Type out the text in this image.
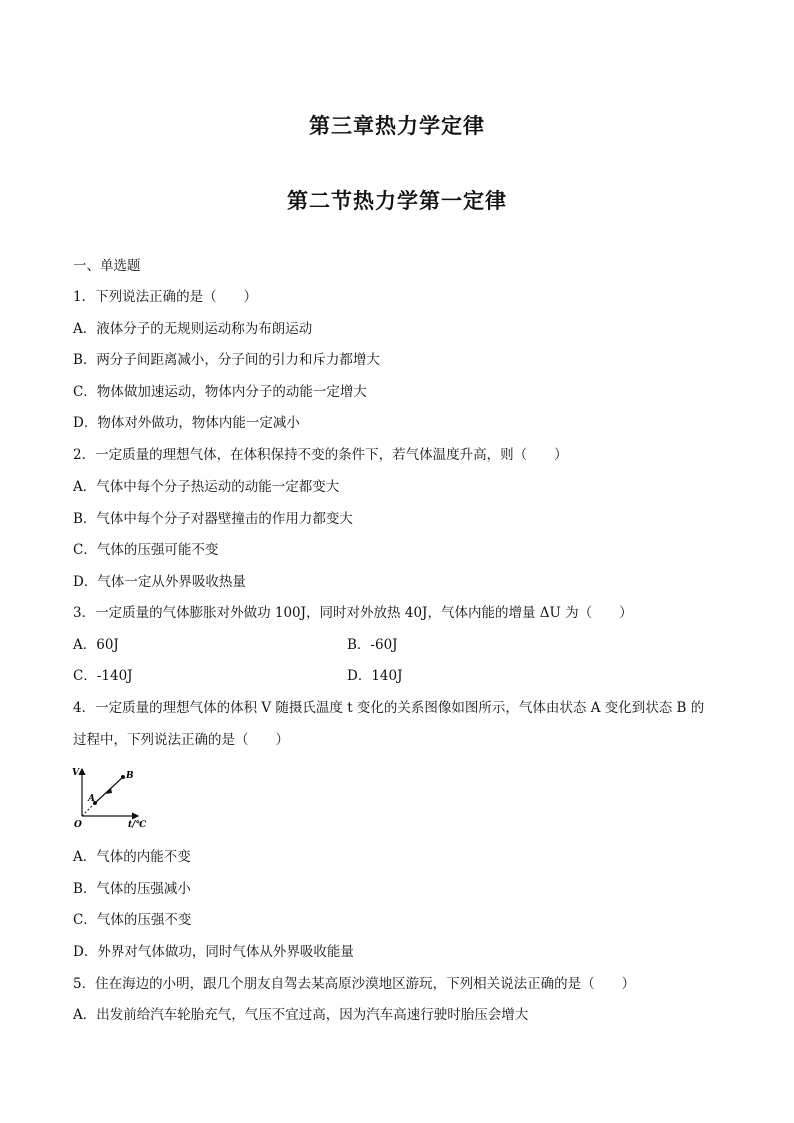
第三章热力学定律
第二节热力学第一定律
一、单选题
1．下列说法正确的是（　　）
A．液体分子的无规则运动称为布朗运动
B．两分子间距离减小，分子间的引力和斥力都增大
C．物体做加速运动，物体内分子的动能一定增大
D．物体对外做功，物体内能一定减小
2．一定质量的理想气体，在体积保持不变的条件下，若气体温度升高，则（　　）
A．气体中每个分子热运动的动能一定都变大
B．气体中每个分子对器壁撞击的作用力都变大
C．气体的压强可能不变
D．气体一定从外界吸收热量
3．一定质量的气体膨胀对外做功 100J，同时对外放热 40J，气体内能的增量 ΔU 为（　　）
A．60J	B．-60J
C．-140J	D．140J
4．一定质量的理想气体的体积 V 随摄氏温度 t 变化的关系图像如图所示，气体由状态 A 变化到状态 B 的
过程中，下列说法正确的是（　　）
V	B
A
O	t/℃
A．气体的内能不变
B．气体的压强减小
C．气体的压强不变
D．外界对气体做功，同时气体从外界吸收能量
5．住在海边的小明，跟几个朋友自驾去某高原沙漠地区游玩，下列相关说法正确的是（　　）
A．出发前给汽车轮胎充气，气压不宜过高，因为汽车高速行驶时胎压会增大
